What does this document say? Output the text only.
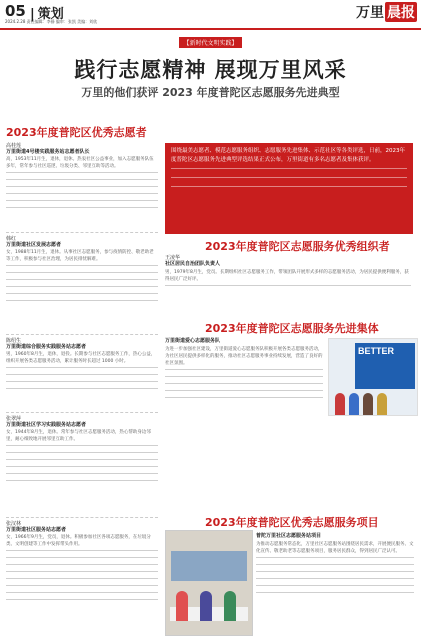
05
| 策划
2024.2.28 责任编辑：李静 编审：张凯 美编：刘欣
万里 晨报
【新时代文明实践】
践行志愿精神 展现万里风采
万里的他们获评 2023 年度普陀区志愿服务先进典型
2023年度普陀区优秀志愿者
高桂莲
万里街道4号楼实践服务站志愿者队长
高，1953年11月生，退休，退休。热衷社区公益事业，加入志愿服务队伍多年，常年参与社区巡逻、垃圾分类、邻里互助等活动。
韩红
万里街道社区发展志愿者
女，1988年11月生，退休。从事社区志愿服务，参与疫情防控、敬老助老等工作，积极参与社区治理，为居民排忧解难。
陈绍生
万里街道综合服务实践服务站志愿者
男，1960年8月生，退休，退役。长期参与社区志愿服务工作，热心公益，组织开展各类志愿服务活动，累计服务时长超过 1000 小时。
张翠萍
万里街道社区学习实践服务站志愿者
女，1944年8月生，退休。常年参与社区志愿服务活动，热心帮助身边邻里，耐心细致地开展邻里互助工作。
张汉林
万里街道社区服务站志愿者
女，1966年9月生，党员，退休。积极参加社区各项志愿服务，在垃圾分类、文明创建等工作中发挥带头作用。
围绕最美志愿者、模范志愿服务组织、志愿服务先进集体、示范社区等各类评选，日前，2023年度普陀区志愿服务先进典型评选结果正式公布，万里街道有多名志愿者及集体获评。
2023年度普陀区志愿服务优秀组织者
王凌华
社区居民自治团队负责人
男，1979年8月生，党员。长期组织社区志愿服务工作，带领团队开展形式多样的志愿服务活动，为居民提供便利服务，获得居民广泛好评。
2023年度普陀区志愿服务先进集体
万里街道爱心志愿服务队
为进一步加强社区建设，万里街道爱心志愿服务队积极开展各类志愿服务活动，为社区居民提供多样化的服务，推动社区志愿服务事业持续发展，营造了良好的社区氛围。
BETTER
2023年度普陀区优秀志愿服务项目
普陀万里社区志愿服务站项目
为推动志愿服务常态化，万里社区志愿服务站围绕居民需求，开展便民服务、文化宣传、敬老助老等志愿服务项目，服务居民群众，得到居民广泛认可。
